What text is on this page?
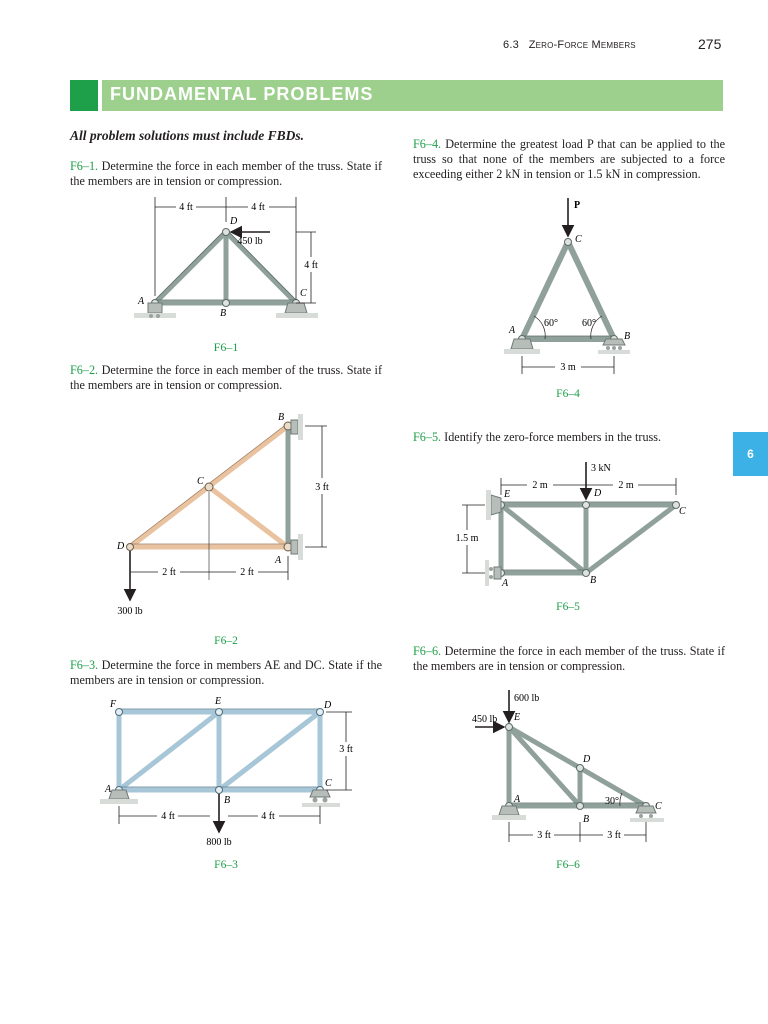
6.3 Zero-Force Members	275
FUNDAMENTAL PROBLEMS
6
All problem solutions must include FBDs.
F6–1. Determine the force in each member of the truss. State if the members are in tension or compression.
F6–2. Determine the force in each member of the truss. State if the members are in tension or compression.
F6–3. Determine the force in members AE and DC. State if the members are in tension or compression.
F6–4. Determine the greatest load P that can be applied to the truss so that none of the members are subjected to a force exceeding either 2 kN in tension or 1.5 kN in compression.
F6–5. Identify the zero-force members in the truss.
F6–6. Determine the force in each member of the truss. State if the members are in tension or compression.
450 lb
4 ft	4 ft
4 ft
A
B
C
D
F6–1
300 lb
2 ft	2 ft
3 ft
A
B
C
D
F6–2
800 lb
4 ft	4 ft
3 ft
A
B
C
D
E
F
F6–3
P
60° 60°
3 m
A
B
C
F6–4
3 kN
2 m	2 m
1.5 m
A	B
C
D
E
F6–5
600 lb
450 lb
30°
3 ft	3 ft
A
B
C
D
E
F6–6
